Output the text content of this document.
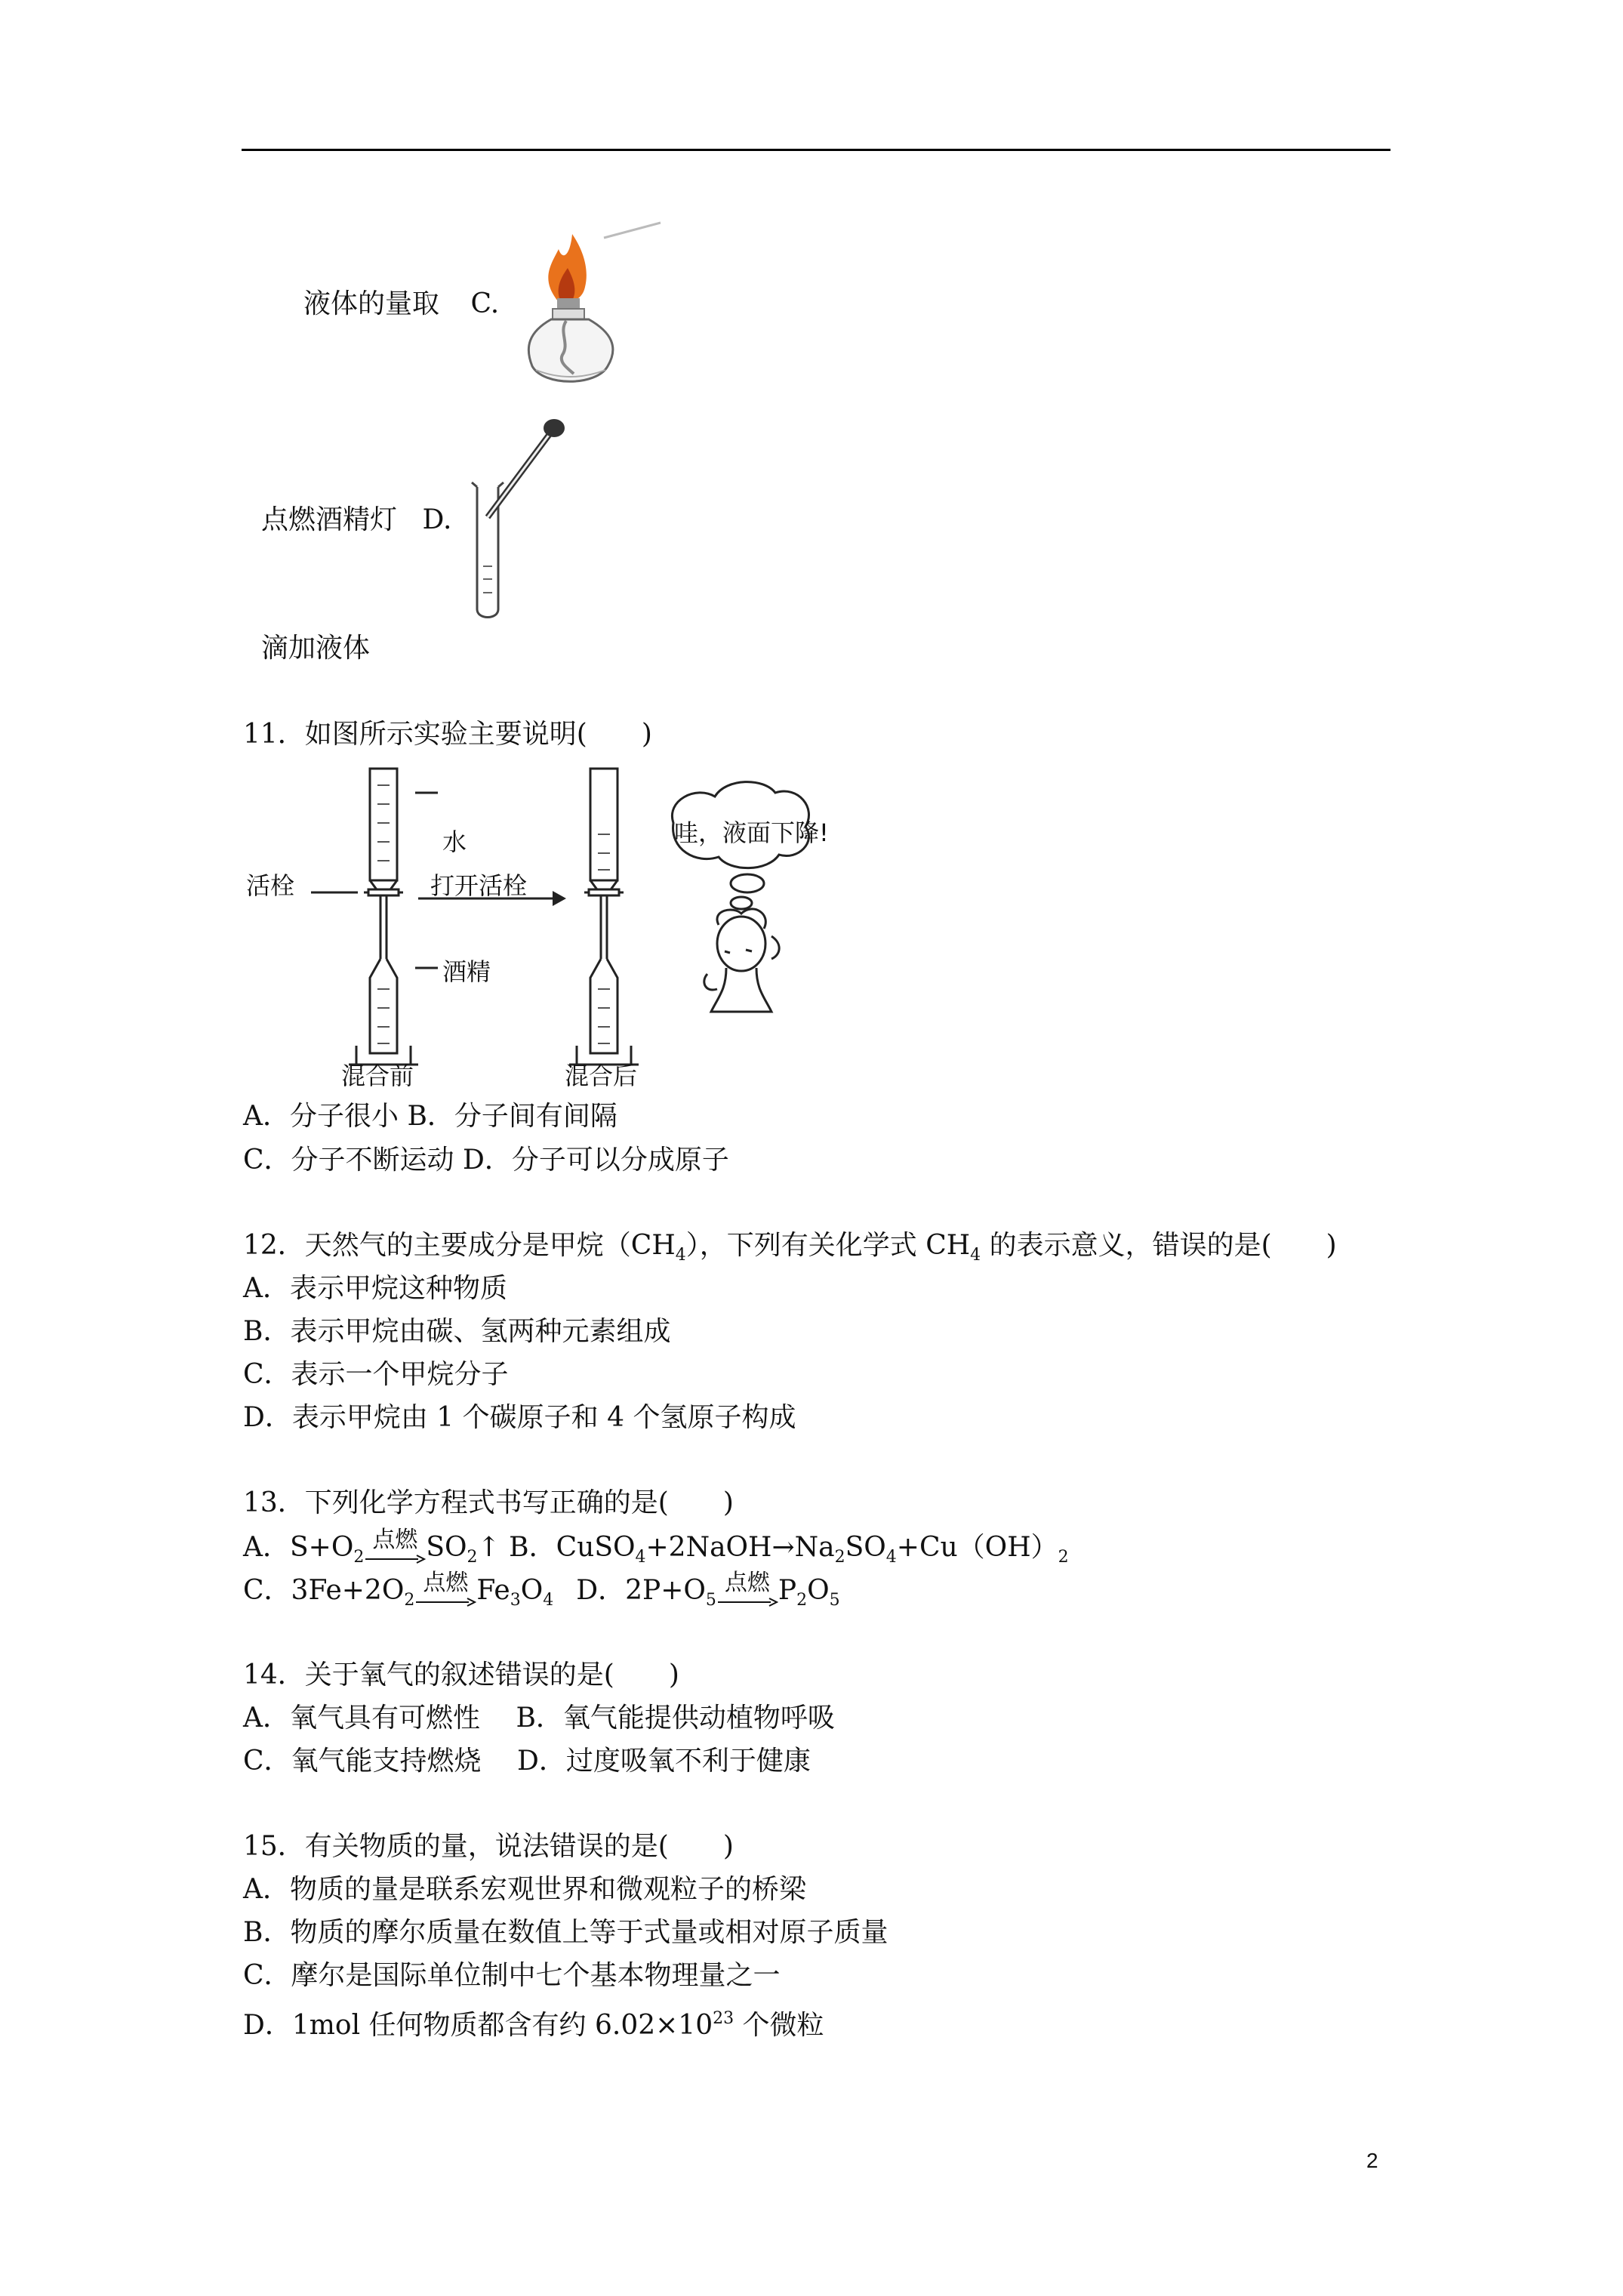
液体的量取 C.
点燃酒精灯 D.
滴加液体
11．如图所示实验主要说明(　　)
活栓
水
打开活栓
酒精
混合前	混合后
哇，液面下降!
A．分子很小 B．分子间有间隔
C．分子不断运动 D．分子可以分成原子
12．天然气的主要成分是甲烷$(CH_4)$，下列有关化学式 $CH_4$ 的表示意义，错误的是(　　)
A．表示甲烷这种物质
B．表示甲烷由碳、氢两种元素组成
C．表示一个甲烷分子
D．表示甲烷由 1 个碳原子和 4 个氢原子构成
13．下列化学方程式书写正确的是(　　)
A．$S+O_2$
点燃 $SO_2↑$ B．$CuSO_4+2NaOH\to Na_2SO_4+Cu(OH)_2$
C．$3Fe+2O_2$
点燃 $Fe_3O_4$ D．$2P+O_5$
点燃 $P_2O_5$
14．关于氧气的叙述错误的是(　　)
A．氧气具有可燃性　 B．氧气能提供动植物呼吸
C．氧气能支持燃烧　 D．过度吸氧不利于健康
15．有关物质的量，说法错误的是(　　)
A．物质的量是联系宏观世界和微观粒子的桥梁
B．物质的摩尔质量在数值上等于式量或相对原子质量
C．摩尔是国际单位制中七个基本物理量之一
D．1mol 任何物质都含有约 $6.02\times 10^{23}$ 个微粒
2
